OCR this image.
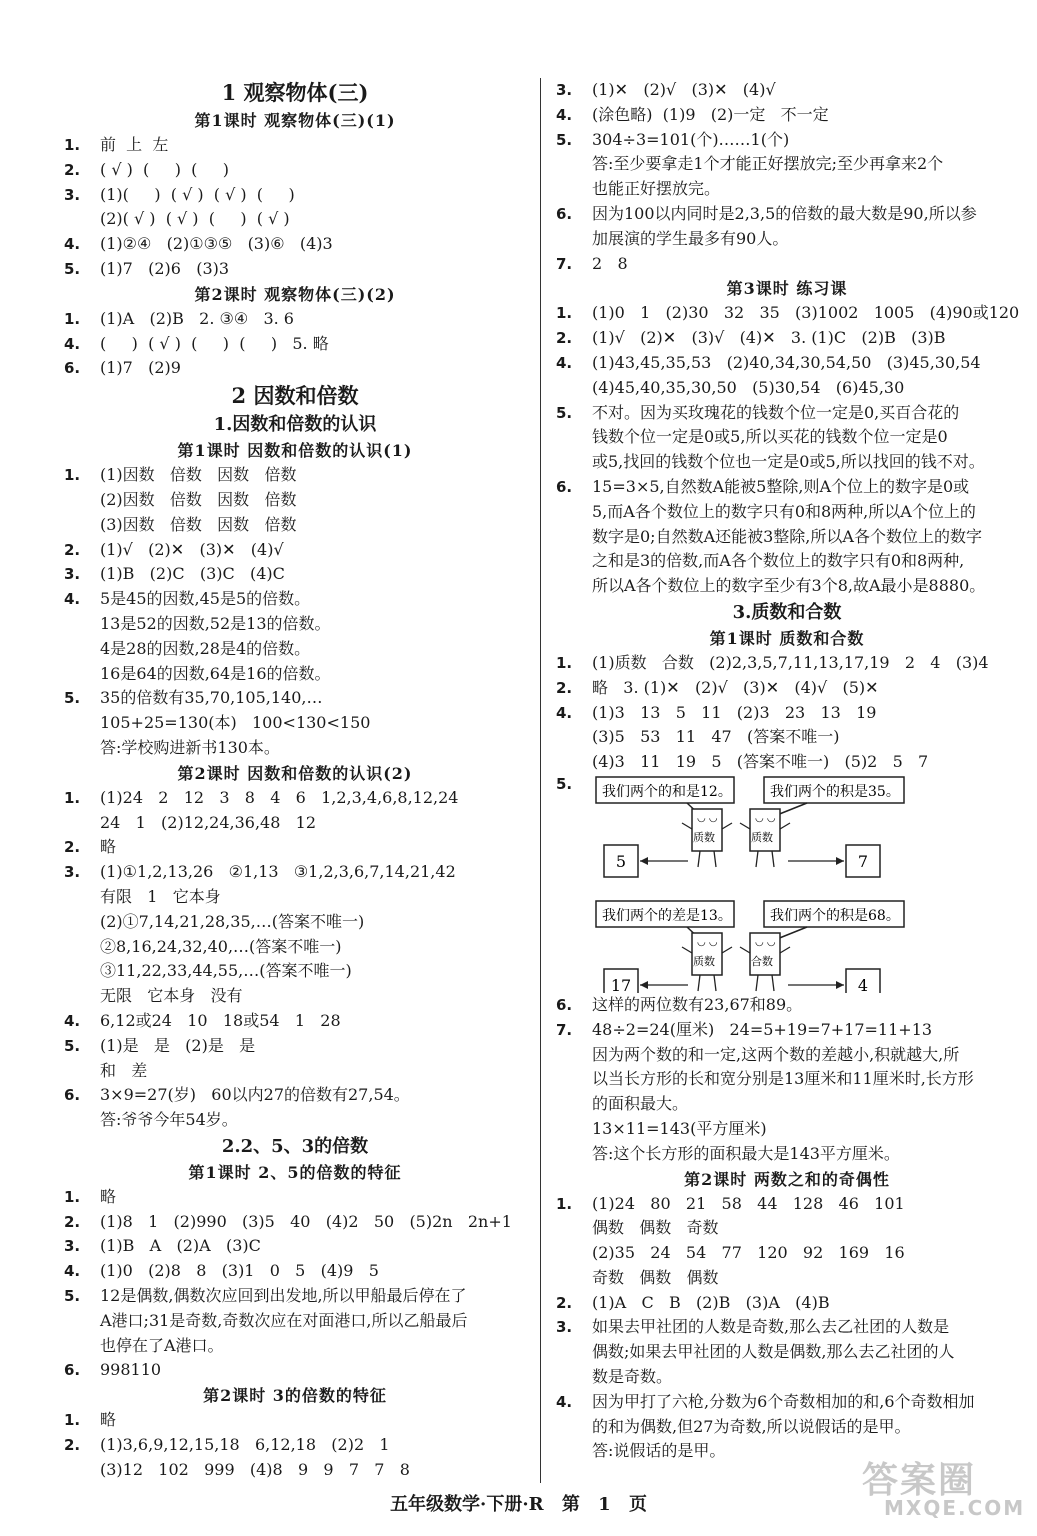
1 观察物体(三)
第1课时 观察物体(三)(1)
1.	前  上  左
2.	( √ )  (     )  (     )
3.	(1)(     )  ( √ )  ( √ )  (     )
(2)( √ )  ( √ )  (     )  ( √ )
4.	(1)②④   (2)①③⑤   (3)⑥   (4)3
5.	(1)7   (2)6   (3)3
第2课时 观察物体(三)(2)
1.	(1)A   (2)B   2. ③④   3. 6
4.	(     )  ( √ )  (     )  (     )   5. 略
6.	(1)7   (2)9
2 因数和倍数
1.因数和倍数的认识
第1课时 因数和倍数的认识(1)
1.	(1)因数   倍数   因数   倍数
(2)因数   倍数   因数   倍数
(3)因数   倍数   因数   倍数
2.	(1)√   (2)✕   (3)✕   (4)√
3.	(1)B   (2)C   (3)C   (4)C
4.	5是45的因数,45是5的倍数。
13是52的因数,52是13的倍数。
4是28的因数,28是4的倍数。
16是64的因数,64是16的倍数。
5.	35的倍数有35,70,105,140,…
105+25=130(本)   100<130<150
答:学校购进新书130本。
第2课时 因数和倍数的认识(2)
1.	(1)24   2   12   3   8   4   6   1,2,3,4,6,8,12,24
24   1   (2)12,24,36,48   12
2.	略
3.	(1)①1,2,13,26   ②1,13   ③1,2,3,6,7,14,21,42
有限   1   它本身
(2)①7,14,21,28,35,…(答案不唯一)
②8,16,24,32,40,…(答案不唯一)
③11,22,33,44,55,…(答案不唯一)
无限   它本身   没有
4.	6,12或24   10   18或54   1   28
5.	(1)是   是   (2)是   是
和   差
6.	3×9=27(岁)   60以内27的倍数有27,54。
答:爷爷今年54岁。
2.2、5、3的倍数
第1课时 2、5的倍数的特征
1.	略
2.	(1)8   1   (2)990   (3)5   40   (4)2   50   (5)2n   2n+1
3.	(1)B   A   (2)A   (3)C
4.	(1)0   (2)8   8   (3)1   0   5   (4)9   5
5.	12是偶数,偶数次应回到出发地,所以甲船最后停在了
A港口;31是奇数,奇数次应在对面港口,所以乙船最后
也停在了A港口。
6.	998110
第2课时 3的倍数的特征
1.	略
2.	(1)3,6,9,12,15,18   6,12,18   (2)2   1
(3)12   102   999   (4)8   9   9   7   7   8
3.	(1)✕   (2)√   (3)✕   (4)√
4.	(涂色略)  (1)9   (2)一定   不一定
5.	304÷3=101(个)……1(个)
答:至少要拿走1个才能正好摆放完;至少再拿来2个
也能正好摆放完。
6.	因为100以内同时是2,3,5的倍数的最大数是90,所以参
加展演的学生最多有90人。
7.	2   8
第3课时 练习课
1.	(1)0   1   (2)30   32   35   (3)1002   1005   (4)90或120
2.	(1)√   (2)✕   (3)√   (4)✕   3. (1)C   (2)B   (3)B
4.	(1)43,45,35,53   (2)40,34,30,54,50   (3)45,30,54
(4)45,40,35,30,50   (5)30,54   (6)45,30
5.	不对。因为买玫瑰花的钱数个位一定是0,买百合花的
钱数个位一定是0或5,所以买花的钱数个位一定是0
或5,找回的钱数个位也一定是0或5,所以找回的钱不对。
6.	15=3×5,自然数A能被5整除,则A个位上的数字是0或
5,而A各个数位上的数字只有0和8两种,所以A个位上的
数字是0;自然数A还能被3整除,所以A各个数位上的数字
之和是3的倍数,而A各个数位上的数字只有0和8两种,
所以A各个数位上的数字至少有3个8,故A最小是8880。
3.质数和合数
第1课时 质数和合数
1.	(1)质数   合数   (2)2,3,5,7,11,13,17,19   2   4   (3)4
2.	略   3. (1)✕   (2)√   (3)✕   (4)√   (5)✕
4.	(1)3   13   5   11   (2)3   23   13   19
(3)5   53   11   47   (答案不唯一)
(4)3   11   19   5   (答案不唯一)   (5)2   5   7
5.	我们两个的和是12。	我们两个的积是35。
◡ ◡
质数
◡ ◡
质数
5	7
我们两个的差是13。	我们两个的积是68。
◡ ◡
质数
◡ ◡
合数
17	4
6.	这样的两位数有23,67和89。
7.	48÷2=24(厘米)   24=5+19=7+17=11+13
因为两个数的和一定,这两个数的差越小,积就越大,所
以当长方形的长和宽分别是13厘米和11厘米时,长方形
的面积最大。
13×11=143(平方厘米)
答:这个长方形的面积最大是143平方厘米。
第2课时 两数之和的奇偶性
1.	(1)24   80   21   58   44   128   46   101
偶数   偶数   奇数
(2)35   24   54   77   120   92   169   16
奇数   偶数   偶数
2.	(1)A   C   B   (2)B   (3)A   (4)B
3.	如果去甲社团的人数是奇数,那么去乙社团的人数是
偶数;如果去甲社团的人数是偶数,那么去乙社团的人
数是奇数。
4.	因为甲打了六枪,分数为6个奇数相加的和,6个奇数相加
的和为偶数,但27为奇数,所以说假话的是甲。
答:说假话的是甲。
五年级数学·下册·R 第 1 页
答案圈
MXQE.COM
